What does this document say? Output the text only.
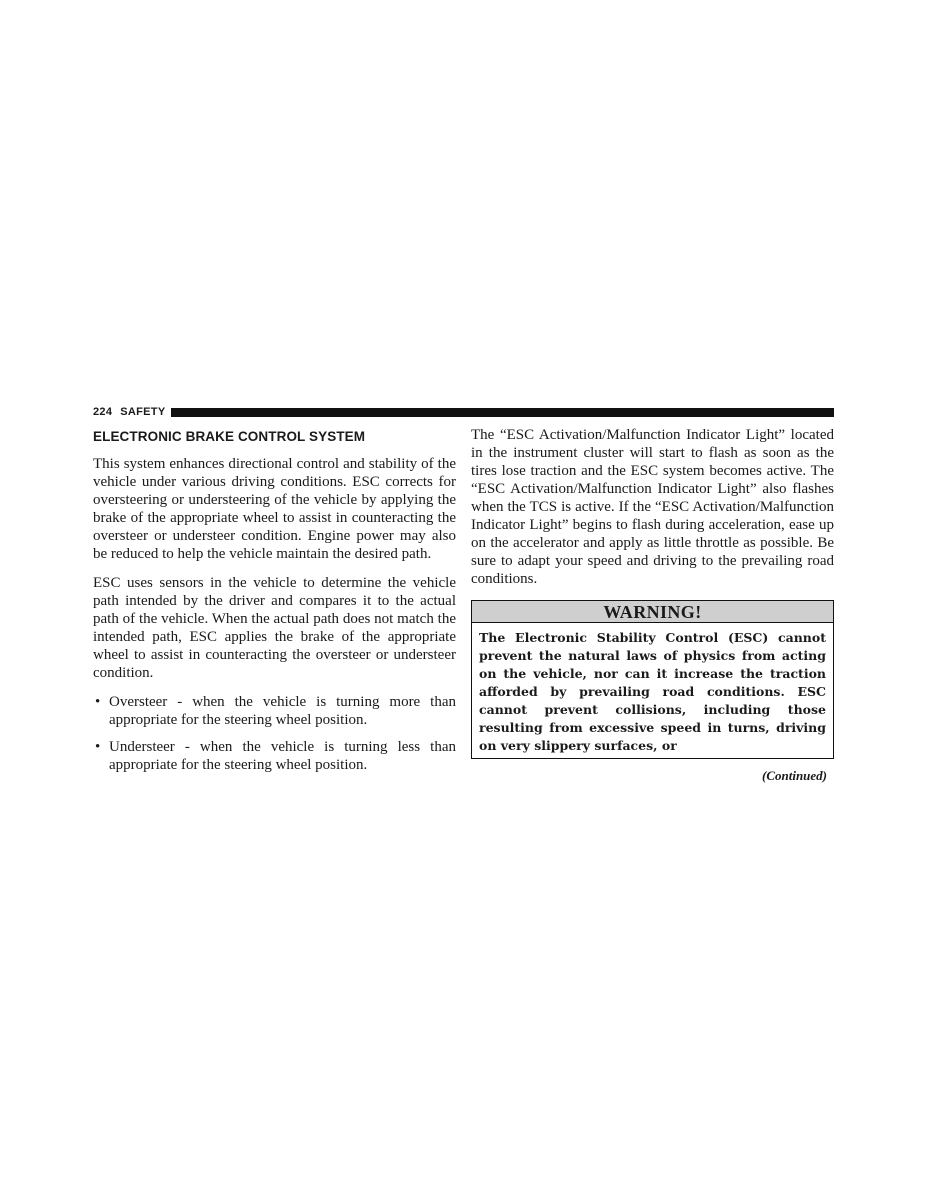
224 SAFETY
ELECTRONIC BRAKE CONTROL SYSTEM

This system enhances directional control and stability of the vehicle under various driving conditions. ESC corrects for oversteering or understeering of the vehicle by applying the brake of the appropriate wheel to assist in counteracting the oversteer or understeer condition. Engine power may also be reduced to help the vehicle maintain the desired path.

ESC uses sensors in the vehicle to determine the vehicle path intended by the driver and compares it to the actual path of the vehicle. When the actual path does not match the intended path, ESC applies the brake of the appropriate wheel to assist in counteracting the oversteer or understeer condition.

• Oversteer - when the vehicle is turning more than appropriate for the steering wheel position.
• Understeer - when the vehicle is turning less than appropriate for the steering wheel position.

The “ESC Activation/Malfunction Indicator Light” located in the instrument cluster will start to flash as soon as the tires lose traction and the ESC system becomes active. The “ESC Activation/Malfunction Indicator Light” also flashes when the TCS is active. If the “ESC Activation/Malfunction Indicator Light” begins to flash during acceleration, ease up on the accelerator and apply as little throttle as possible. Be sure to adapt your speed and driving to the prevailing road conditions.

WARNING!
The Electronic Stability Control (ESC) cannot prevent the natural laws of physics from acting on the vehicle, nor can it increase the traction afforded by prevailing road conditions. ESC cannot prevent collisions, including those resulting from excessive speed in turns, driving on very slippery surfaces, or
(Continued)
